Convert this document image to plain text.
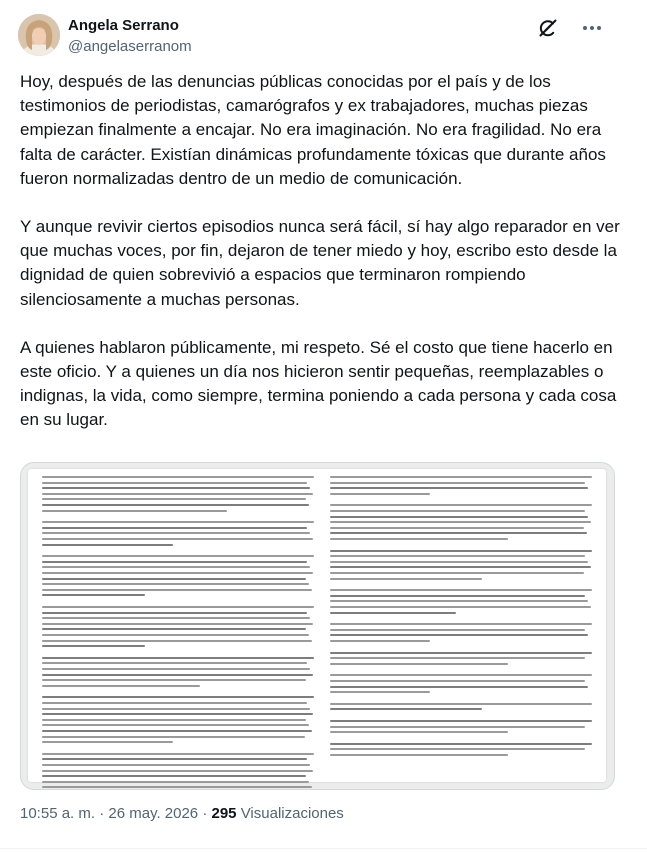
Angela Serrano
@angelaserranom

Hoy, después de las denuncias públicas conocidas por el país y de los testimonios de periodistas, camarógrafos y ex trabajadores, muchas piezas empiezan finalmente a encajar. No era imaginación. No era fragilidad. No era falta de carácter. Existían dinámicas profundamente tóxicas que durante años fueron normalizadas dentro de un medio de comunicación.

Y aunque revivir ciertos episodios nunca será fácil, sí hay algo reparador en ver que muchas voces, por fin, dejaron de tener miedo y hoy, escribo esto desde la dignidad de quien sobrevivió a espacios que terminaron rompiendo silenciosamente a muchas personas.

A quienes hablaron públicamente, mi respeto. Sé el costo que tiene hacerlo en este oficio. Y a quienes un día nos hicieron sentir pequeñas, reemplazables o indignas, la vida, como siempre, termina poniendo a cada persona y cada cosa en su lugar.

10:55 a. m. · 26 may. 2026 · 295 Visualizaciones
